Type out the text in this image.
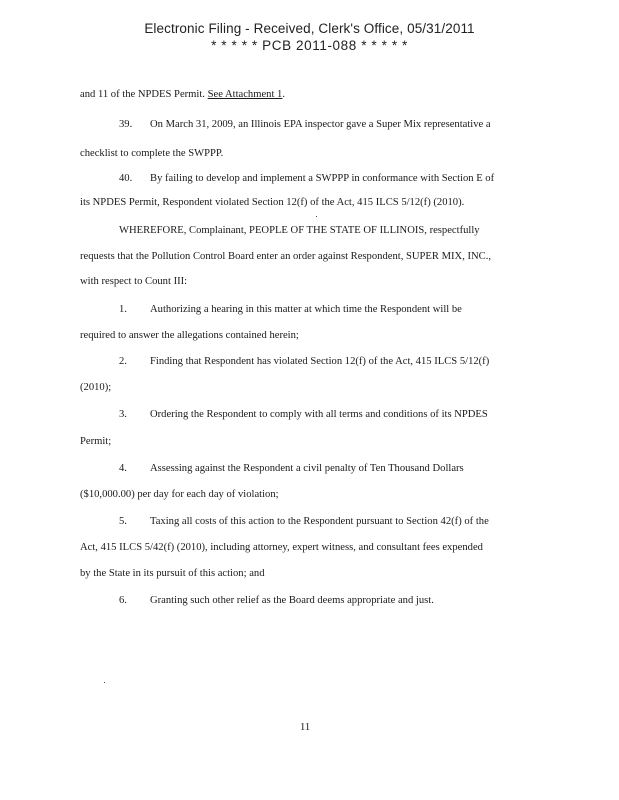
Electronic Filing - Received, Clerk's Office, 05/31/2011
* * * * * PCB 2011-088 * * * * *
and 11 of the NPDES Permit. See Attachment 1.
39. On March 31, 2009, an Illinois EPA inspector gave a Super Mix representative a
checklist to complete the SWPPP.
40. By failing to develop and implement a SWPPP in conformance with Section E of
its NPDES Permit, Respondent violated Section 12(f) of the Act, 415 ILCS 5/12(f) (2010).
WHEREFORE, Complainant, PEOPLE OF THE STATE OF ILLINOIS, respectfully
requests that the Pollution Control Board enter an order against Respondent, SUPER MIX, INC.,
with respect to Count III:
1. Authorizing a hearing in this matter at which time the Respondent will be
required to answer the allegations contained herein;
2. Finding that Respondent has violated Section 12(f) of the Act, 415 ILCS 5/12(f)
(2010);
3. Ordering the Respondent to comply with all terms and conditions of its NPDES
Permit;
4. Assessing against the Respondent a civil penalty of Ten Thousand Dollars
($10,000.00) per day for each day of violation;
5. Taxing all costs of this action to the Respondent pursuant to Section 42(f) of the
Act, 415 ILCS 5/42(f) (2010), including attorney, expert witness, and consultant fees expended
by the State in its pursuit of this action; and
6. Granting such other relief as the Board deems appropriate and just.
11
